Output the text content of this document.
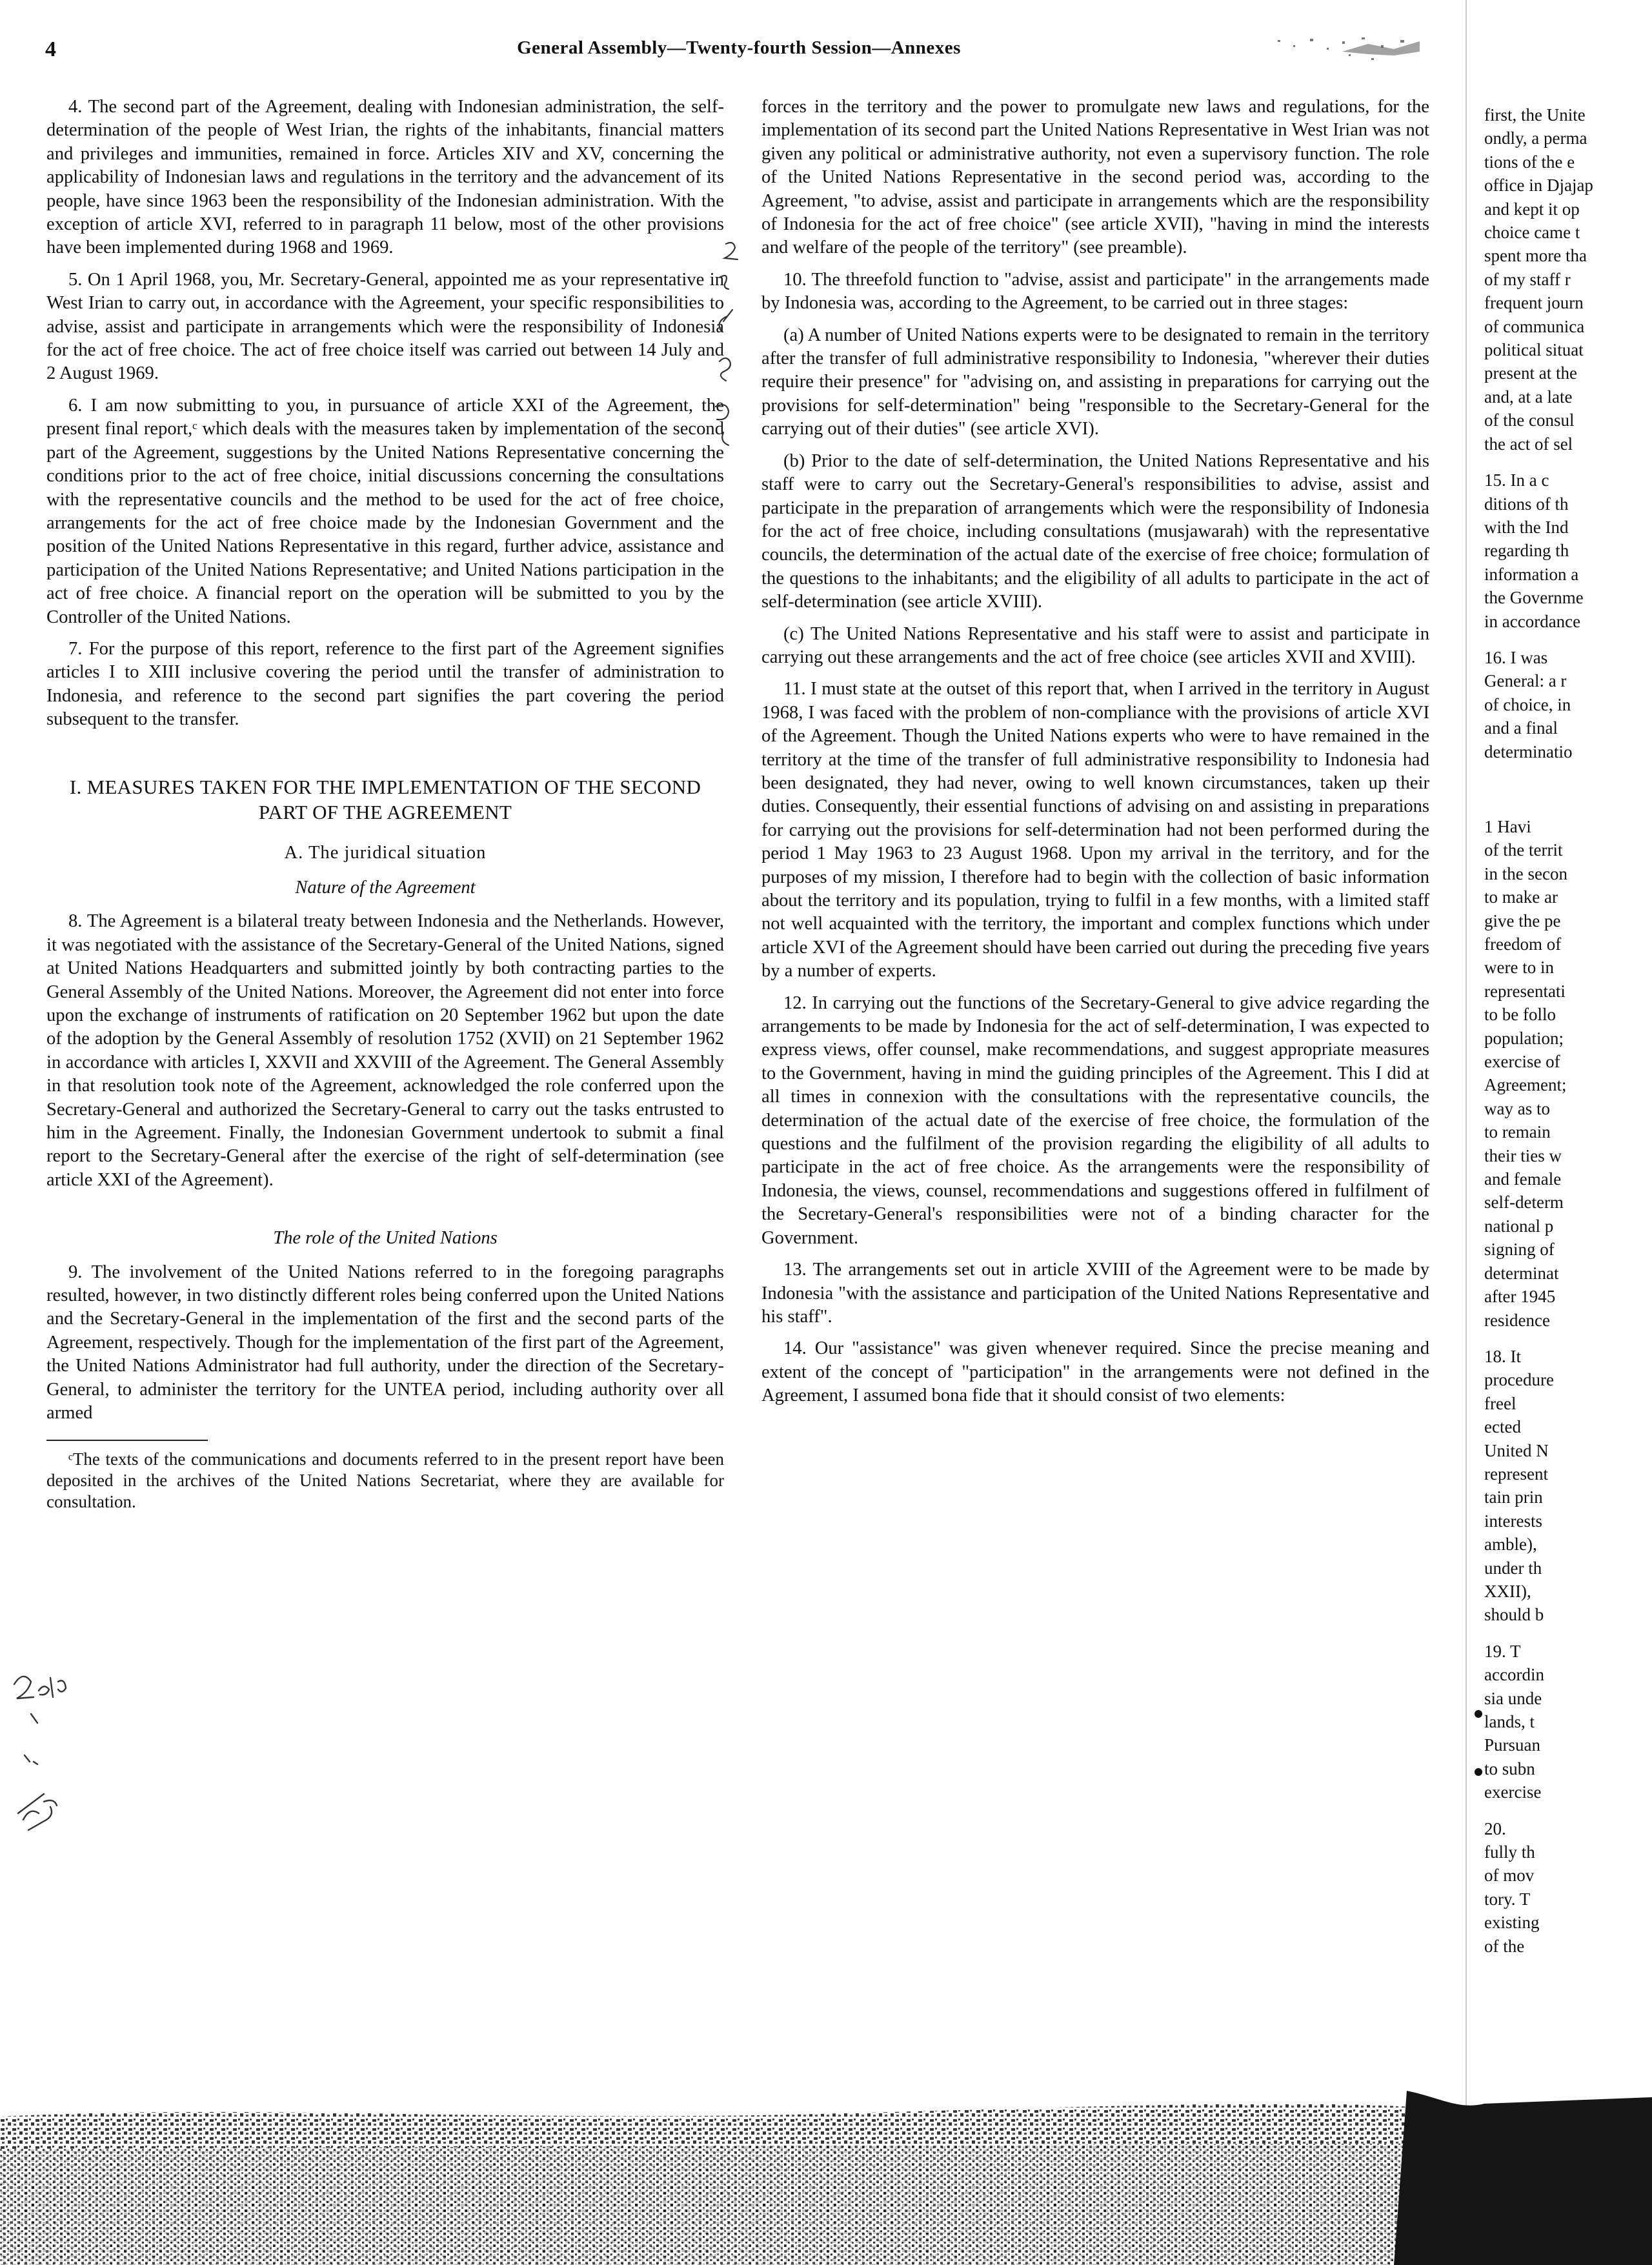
4	General Assembly—Twenty-fourth Session—Annexes

4. The second part of the Agreement, dealing with Indonesian administration, the self-determination of the people of West Irian, the rights of the inhabitants, financial matters and privileges and immunities, remained in force. Articles XIV and XV, concerning the applicability of Indonesian laws and regulations in the territory and the advancement of its people, have since 1963 been the responsibility of the Indonesian administration. With the exception of article XVI, referred to in paragraph 11 below, most of the other provisions have been implemented during 1968 and 1969.

5. On 1 April 1968, you, Mr. Secretary-General, appointed me as your representative in West Irian to carry out, in accordance with the Agreement, your specific responsibilities to advise, assist and participate in arrangements which were the responsibility of Indonesia for the act of free choice. The act of free choice itself was carried out between 14 July and 2 August 1969.

6. I am now submitting to you, in pursuance of article XXI of the Agreement, the present final report,ᶜ which deals with the measures taken by implementation of the second part of the Agreement, suggestions by the United Nations Representative concerning the conditions prior to the act of free choice, initial discussions concerning the consultations with the representative councils and the method to be used for the act of free choice, arrangements for the act of free choice made by the Indonesian Government and the position of the United Nations Representative in this regard, further advice, assistance and participation of the United Nations Representative; and United Nations participation in the act of free choice. A financial report on the operation will be submitted to you by the Controller of the United Nations.

7. For the purpose of this report, reference to the first part of the Agreement signifies articles I to XIII inclusive covering the period until the transfer of administration to Indonesia, and reference to the second part signifies the part covering the period subsequent to the transfer.

I. MEASURES TAKEN FOR THE IMPLEMENTATION OF THE SECOND PART OF THE AGREEMENT
A. The juridical situation
Nature of the Agreement

8. The Agreement is a bilateral treaty between Indonesia and the Netherlands. However, it was negotiated with the assistance of the Secretary-General of the United Nations, signed at United Nations Headquarters and submitted jointly by both contracting parties to the General Assembly of the United Nations. Moreover, the Agreement did not enter into force upon the exchange of instruments of ratification on 20 September 1962 but upon the date of the adoption by the General Assembly of resolution 1752 (XVII) on 21 September 1962 in accordance with articles I, XXVII and XXVIII of the Agreement. The General Assembly in that resolution took note of the Agreement, acknowledged the role conferred upon the Secretary-General and authorized the Secretary-General to carry out the tasks entrusted to him in the Agreement. Finally, the Indonesian Government undertook to submit a final report to the Secretary-General after the exercise of the right of self-determination (see article XXI of the Agreement).

The role of the United Nations

9. The involvement of the United Nations referred to in the foregoing paragraphs resulted, however, in two distinctly different roles being conferred upon the United Nations and the Secretary-General in the implementation of the first and the second parts of the Agreement, respectively. Though for the implementation of the first part of the Agreement, the United Nations Administrator had full authority, under the direction of the Secretary-General, to administer the territory for the UNTEA period, including authority over all armed

ᶜThe texts of the communications and documents referred to in the present report have been deposited in the archives of the United Nations Secretariat, where they are available for consultation.

forces in the territory and the power to promulgate new laws and regulations, for the implementation of its second part the United Nations Representative in West Irian was not given any political or administrative authority, not even a supervisory function. The role of the United Nations Representative in the second period was, according to the Agreement, "to advise, assist and participate in arrangements which are the responsibility of Indonesia for the act of free choice" (see article XVII), "having in mind the interests and welfare of the people of the territory" (see preamble).

10. The threefold function to "advise, assist and participate" in the arrangements made by Indonesia was, according to the Agreement, to be carried out in three stages:

(a) A number of United Nations experts were to be designated to remain in the territory after the transfer of full administrative responsibility to Indonesia, "wherever their duties require their presence" for "advising on, and assisting in preparations for carrying out the provisions for self-determination" being "responsible to the Secretary-General for the carrying out of their duties" (see article XVI).

(b) Prior to the date of self-determination, the United Nations Representative and his staff were to carry out the Secretary-General's responsibilities to advise, assist and participate in the preparation of arrangements which were the responsibility of Indonesia for the act of free choice, including consultations (musjawarah) with the representative councils, the determination of the actual date of the exercise of free choice; formulation of the questions to the inhabitants; and the eligibility of all adults to participate in the act of self-determination (see article XVIII).

(c) The United Nations Representative and his staff were to assist and participate in carrying out these arrangements and the act of free choice (see articles XVII and XVIII).

11. I must state at the outset of this report that, when I arrived in the territory in August 1968, I was faced with the problem of non-compliance with the provisions of article XVI of the Agreement. Though the United Nations experts who were to have remained in the territory at the time of the transfer of full administrative responsibility to Indonesia had been designated, they had never, owing to well known circumstances, taken up their duties. Consequently, their essential functions of advising on and assisting in preparations for carrying out the provisions for self-determination had not been performed during the period 1 May 1963 to 23 August 1968. Upon my arrival in the territory, and for the purposes of my mission, I therefore had to begin with the collection of basic information about the territory and its population, trying to fulfil in a few months, with a limited staff not well acquainted with the territory, the important and complex functions which under article XVI of the Agreement should have been carried out during the preceding five years by a number of experts.

12. In carrying out the functions of the Secretary-General to give advice regarding the arrangements to be made by Indonesia for the act of self-determination, I was expected to express views, offer counsel, make recommendations, and suggest appropriate measures to the Government, having in mind the guiding principles of the Agreement. This I did at all times in connexion with the consultations with the representative councils, the determination of the actual date of the exercise of free choice, the formulation of the questions and the fulfilment of the provision regarding the eligibility of all adults to participate in the act of free choice. As the arrangements were the responsibility of Indonesia, the views, counsel, recommendations and suggestions offered in fulfilment of the Secretary-General's responsibilities were not of a binding character for the Government.

13. The arrangements set out in article XVIII of the Agreement were to be made by Indonesia "with the assistance and participation of the United Nations Representative and his staff".

14. Our "assistance" was given whenever required. Since the precise meaning and extent of the concept of "participation" in the arrangements were not defined in the Agreement, I assumed bona fide that it should consist of two elements:

first, the Unite

ondly, a perma

tions of the e

office in Djajap

and kept it op

choice came t

spent more tha

of my staff r

frequent journ

of communica

political situat

present at the

and, at a late

of the consul

the act of sel

15. In a c

ditions of th

with the Ind

regarding th

information a

the Governme

in accordance

16. I was

General: a r

of choice, in

and a final

determinatio

1 Havi

of the territ

in the secon

to make ar

give the pe

freedom of

were to in

representati

to be follo

population;

exercise of

Agreement;

way as to

to remain

their ties w

and female

self-determ

national p

signing of

determinat

after 1945

residence

18. It

procedure

freel

ected

United N

represent

tain prin

interests

amble),

under th

XXII),

should b

19. T

accordin

sia unde

lands, t

Pursuan

to subn

exercise

20.

fully th

of mov

tory. T

existing

of the
